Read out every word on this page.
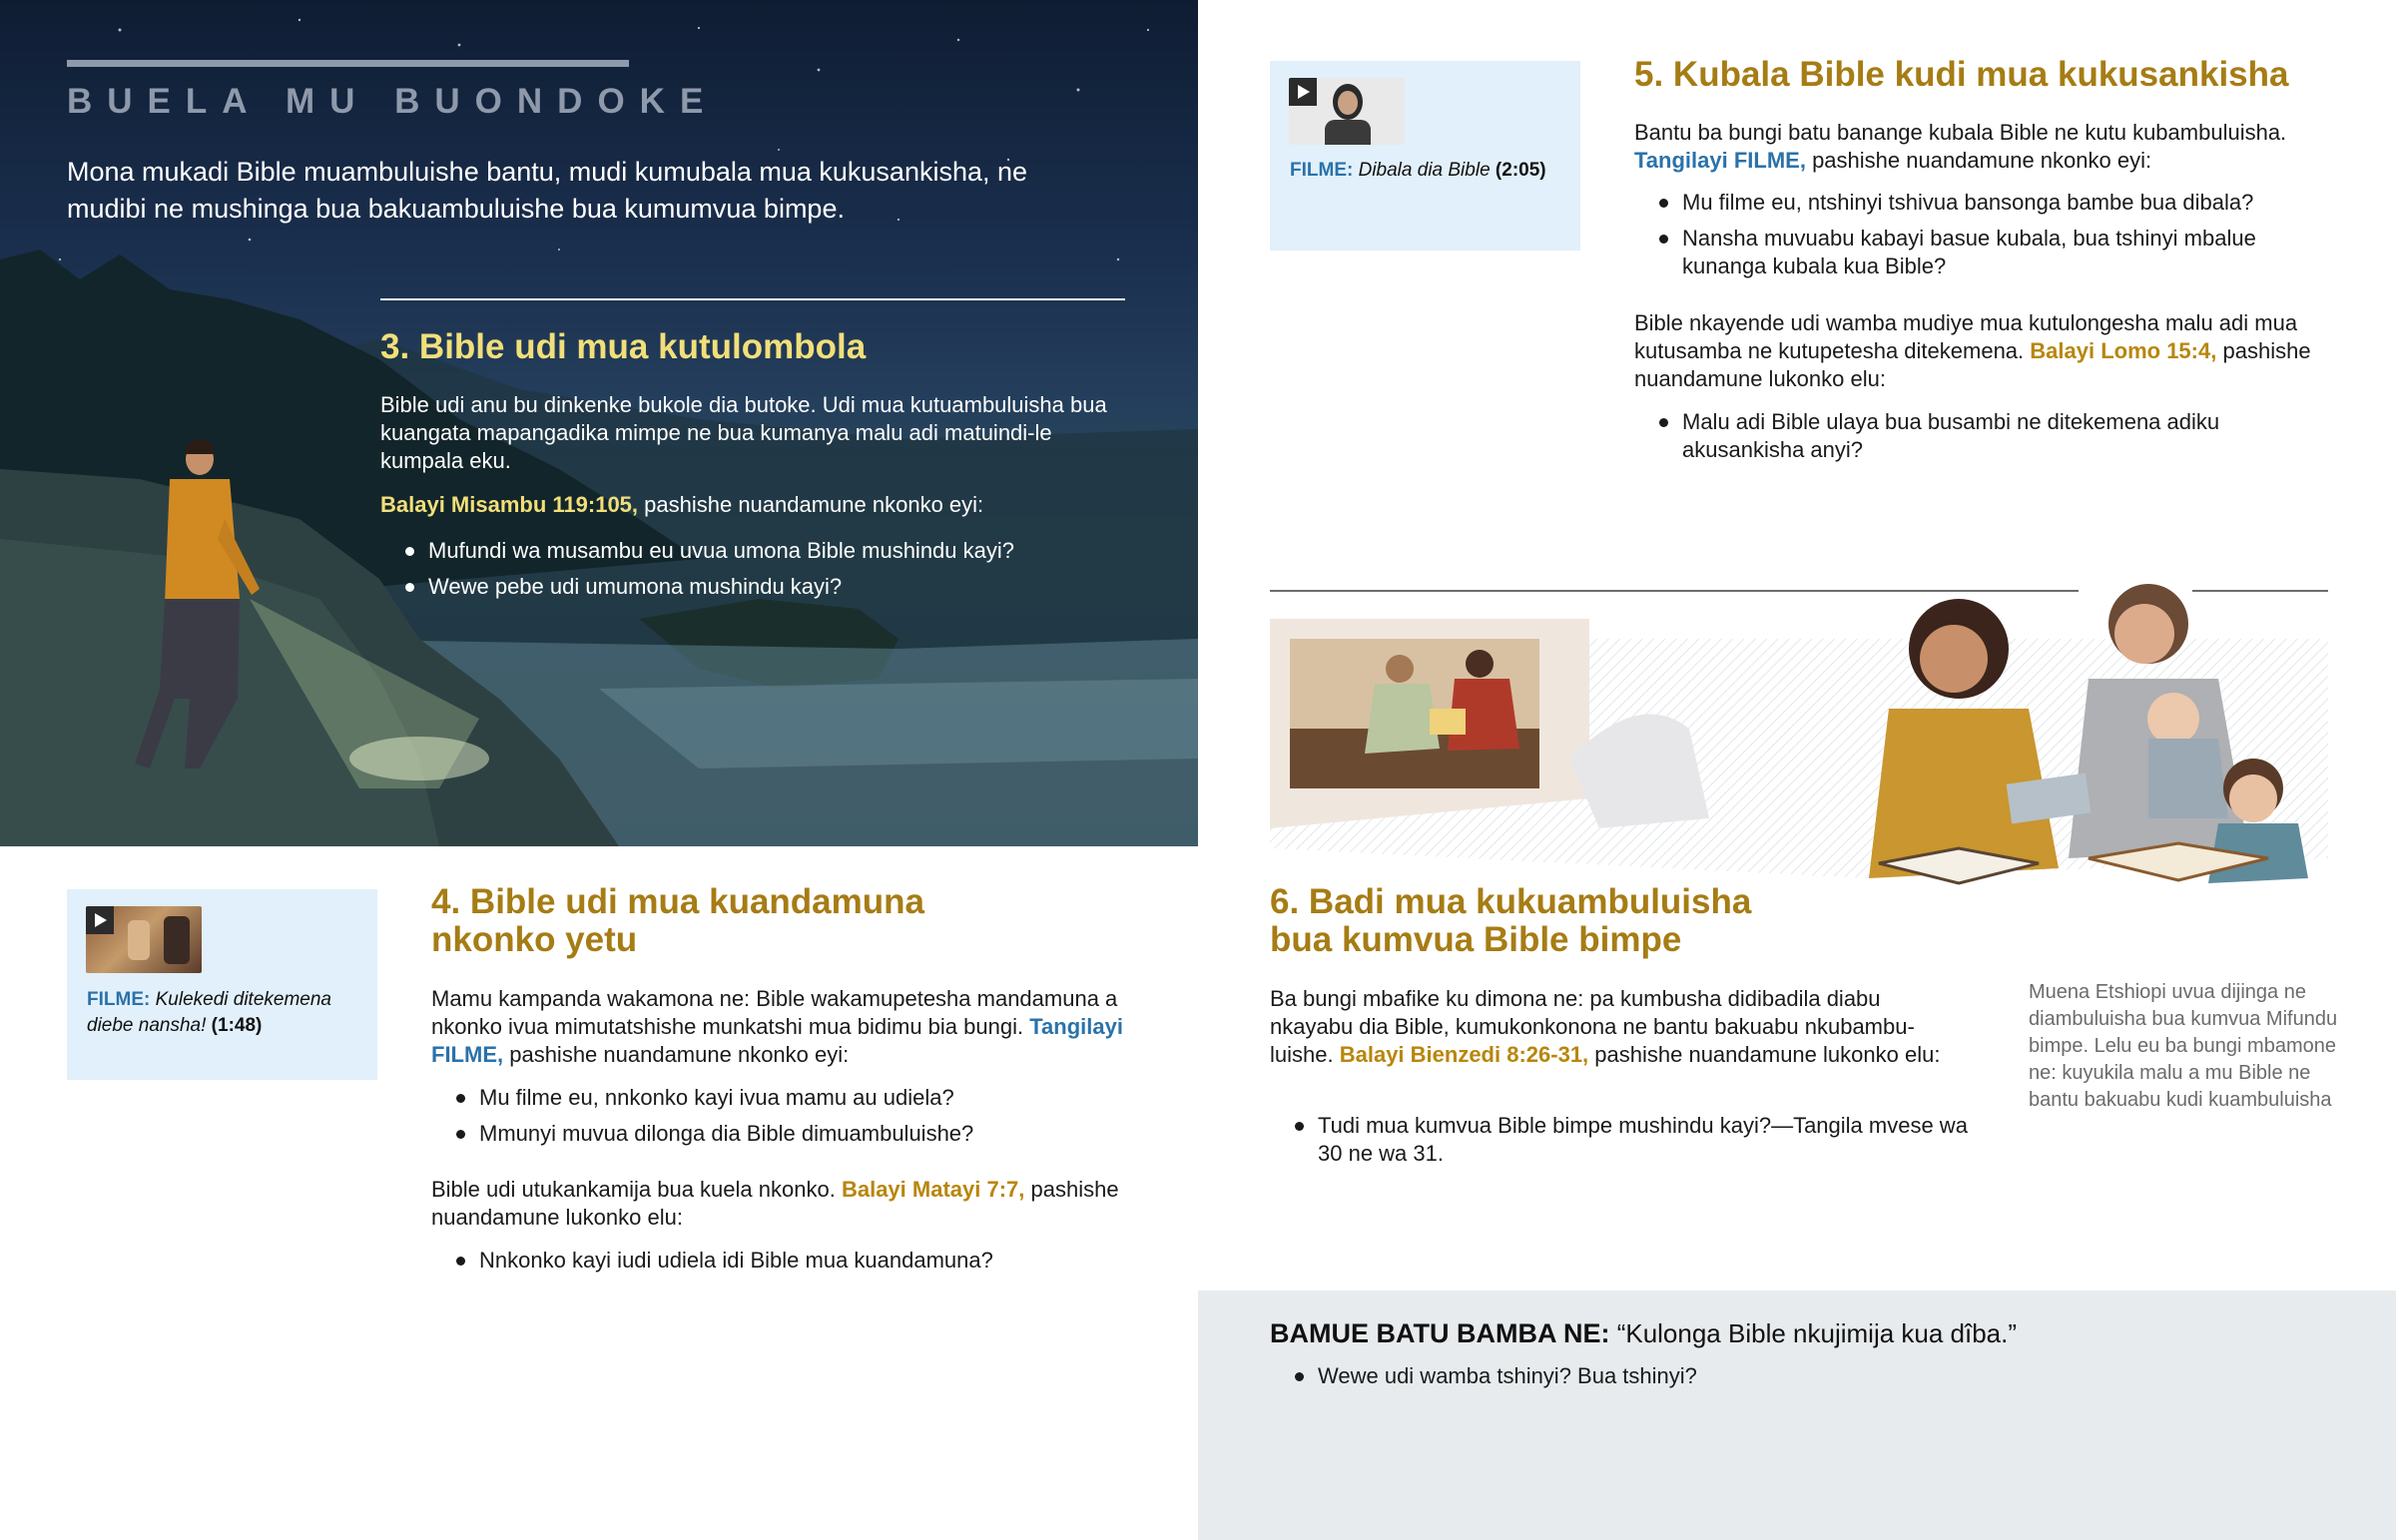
BUELA MU BUONDOKE
Mona mukadi Bible muambuluishe bantu, mudi kumubala mua kukusankisha, ne mudibi ne mushinga bua bakuambuluishe bua kumumvua bimpe.
3. Bible udi mua kutulombola
Bible udi anu bu dinkenke bukole dia butoke. Udi mua kutuambuluisha bua kuangata mapangadika mimpe ne bua kumanya malu adi matuindi-le kumpala eku.
Balayi Misambu 119:105, pashishe nuandamune nkonko eyi:
Mufundi wa musambu eu uvua umona Bible mushindu kayi?
Wewe pebe udi umumona mushindu kayi?
FILME: Kulekedi ditekemena diebe nansha! (1:48)
4. Bible udi mua kuandamuna
nkonko yetu
Mamu kampanda wakamona ne: Bible wakamupetesha mandamuna a nkonko ivua mimutatshishe munkatshi mua bidimu bia bungi. Tangilayi FILME, pashishe nuandamune nkonko eyi:
Mu filme eu, nnkonko kayi ivua mamu au udiela?
Mmunyi muvua dilonga dia Bible dimuambuluishe?
Bible udi utukankamija bua kuela nkonko. Balayi Matayi 7:7, pashishe nuandamune lukonko elu:
Nnkonko kayi iudi udiela idi Bible mua kuandamuna?
FILME: Dibala dia Bible (2:05)
5. Kubala Bible kudi mua kukusankisha
Bantu ba bungi batu banange kubala Bible ne kutu kubambuluisha. Tangilayi FILME, pashishe nuandamune nkonko eyi:
Mu filme eu, ntshinyi tshivua bansonga bambe bua dibala?
Nansha muvuabu kabayi basue kubala, bua tshinyi mbalue kunanga kubala kua Bible?
Bible nkayende udi wamba mudiye mua kutulongesha malu adi mua kutusamba ne kutupetesha ditekemena. Balayi Lomo 15:4, pashishe nuandamune lukonko elu:
Malu adi Bible ulaya bua busambi ne ditekemena adiku akusankisha anyi?
6. Badi mua kukuambuluisha
bua kumvua Bible bimpe
Ba bungi mbafike ku dimona ne: pa kumbusha didibadila diabu nkayabu dia Bible, kumukonkonona ne bantu bakuabu nkubambu-luishe. Balayi Bienzedi 8:26-31, pashishe nuandamune lukonko elu:
Tudi mua kumvua Bible bimpe mushindu kayi?—Tangila mvese wa 30 ne wa 31.
Muena Etshiopi uvua dijinga ne diambuluisha bua kumvua Mifundu bimpe. Lelu eu ba bungi mbamone ne: kuyukila malu a mu Bible ne bantu bakuabu kudi kuambuluisha
BAMUE BATU BAMBA NE: “Kulonga Bible nkujimija kua dîba.”
Wewe udi wamba tshinyi? Bua tshinyi?
